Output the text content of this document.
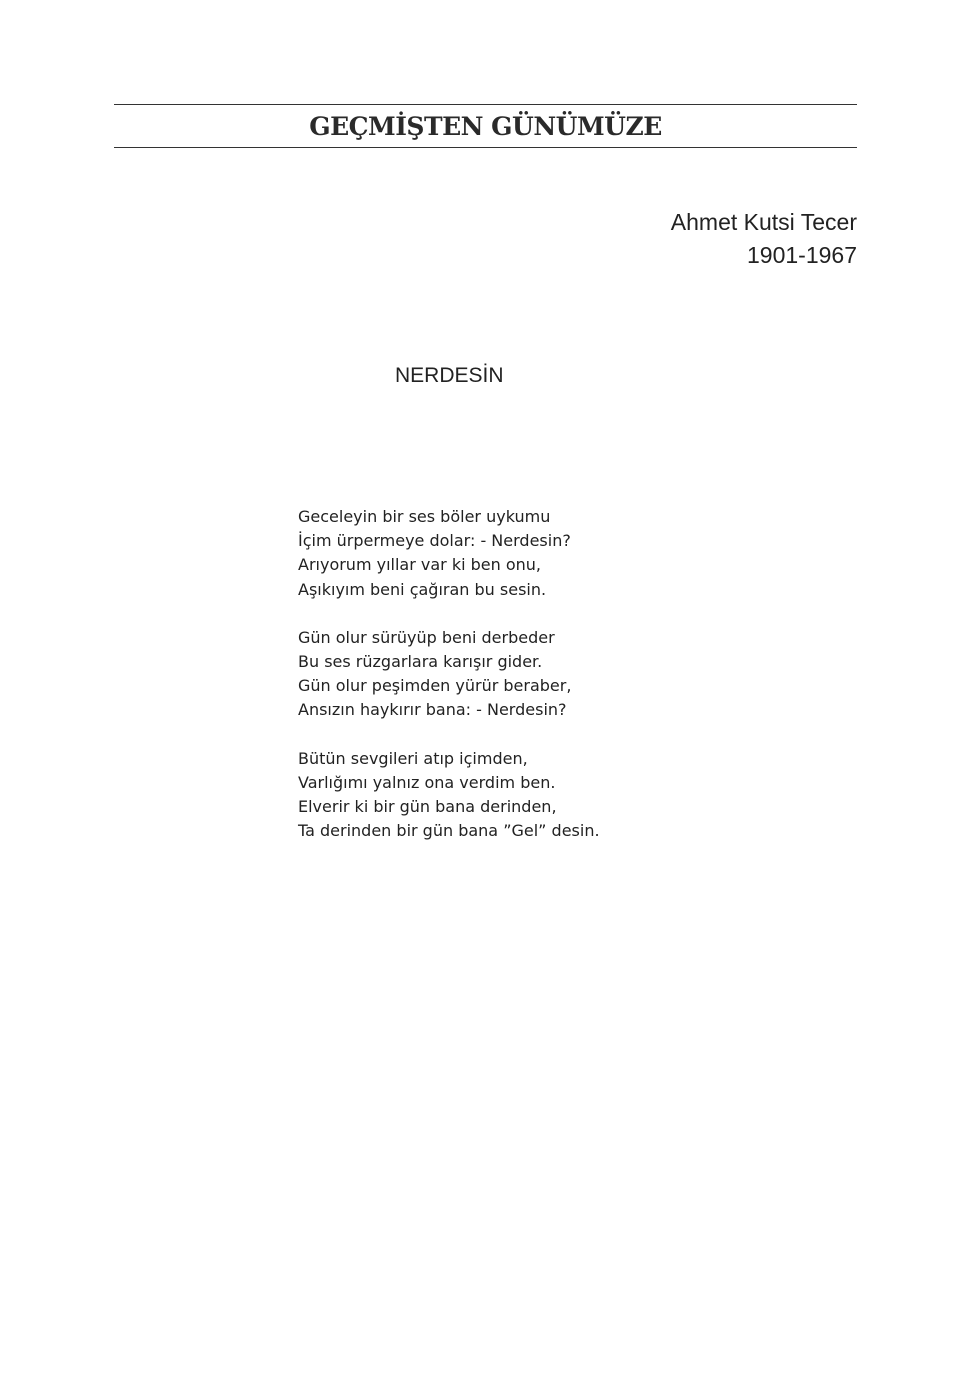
GEÇMİŞTEN GÜNÜMÜZE
Ahmet Kutsi Tecer
1901-1967
NERDESİN
Geceleyin bir ses böler uykumu
İçim ürpermeye dolar: - Nerdesin?
Arıyorum yıllar var ki ben onu,
Aşıkıyım beni çağıran bu sesin.
Gün olur sürüyüp beni derbeder
Bu ses rüzgarlara karışır gider.
Gün olur peşimden yürür beraber,
Ansızın haykırır bana: - Nerdesin?
Bütün sevgileri atıp içimden,
Varlığımı yalnız ona verdim ben.
Elverir ki bir gün bana derinden,
Ta derinden bir gün bana ”Gel” desin.
